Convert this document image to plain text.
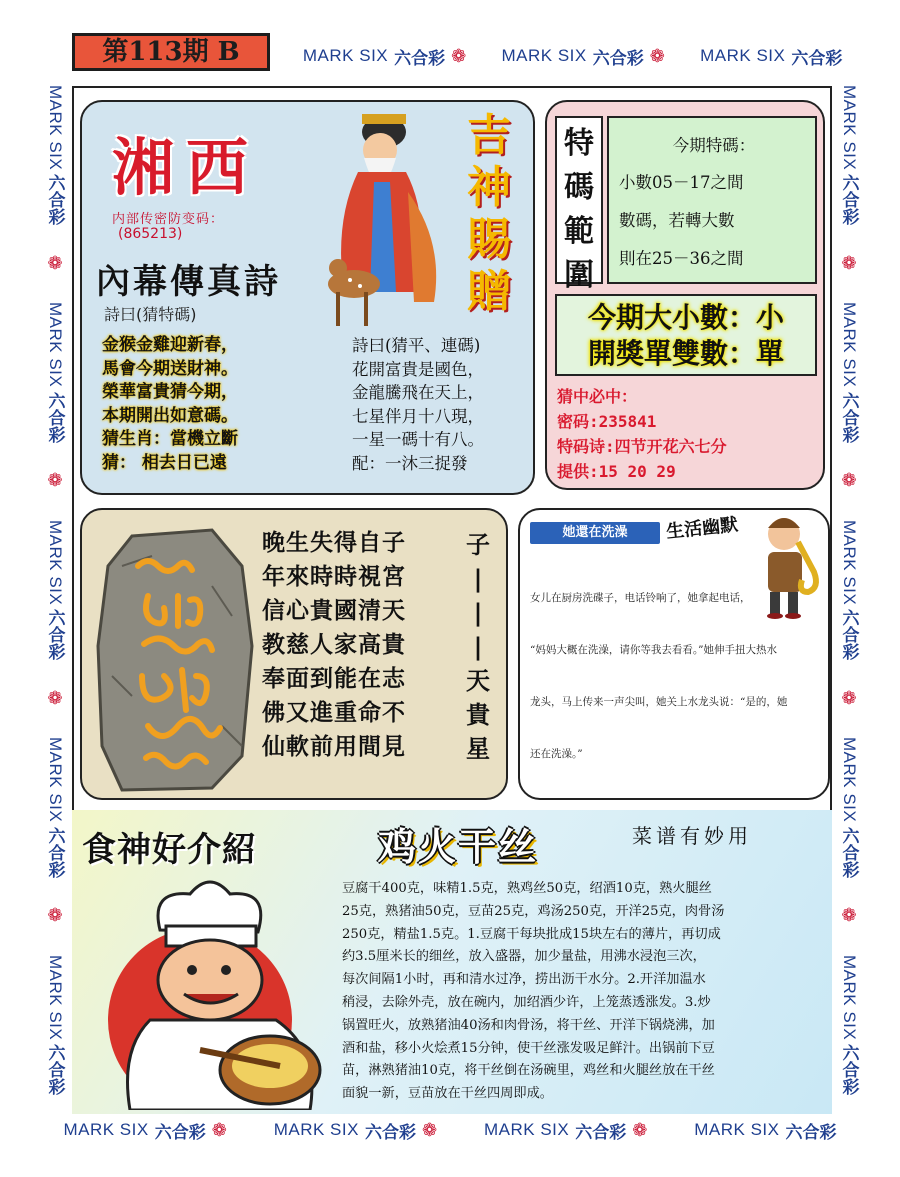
MARK SIX 六合彩 ❁ MARK SIX 六合彩 ❁ MARK SIX 六合彩
MARK SIX 六合彩 ❁	MARK SIX 六合彩 ❁	MARK SIX 六合彩 ❁	MARK SIX 六合彩
MARK SIX
六合彩
❁
MARK SIX
六合彩
❁
MARK SIX
六合彩
❁
MARK SIX
六合彩
❁
MARK SIX
六合彩
MARK SIX
六合彩
❁
MARK SIX
六合彩
❁
MARK SIX
六合彩
❁
MARK SIX
六合彩
❁
MARK SIX
六合彩
第113期 B
湘西
内部传密防变码：
(865213)
內幕傳真詩
詩曰(猜特碼)
金猴金雞迎新春，
馬會今期送財神。
榮華富貴猜今期，
本期開出如意碼。
猜生肖：當機立斷
猜： 相去日已遠
吉
神
賜
贈
詩曰(猜平、連碼)
花開富貴是國色，
金龍騰飛在天上，
七星伴月十八現，
一星一碼十有八。
配：一沐三捉發
特
碼
範
圍
今期特碼：
小數05－17之間
數碼，若轉大數
則在25－36之間
今期大小數：小
開獎單雙數：單
猜中必中：
密码:235841
特码诗:四节开花六七分
提供:15 20 29
晚生失得自子
年來時時視宮
信心貴國清天
教慈人家高貴
奉面到能在志
佛又進重命不
仙軟前用間見
子
|
|
|
天
貴
星
她還在洗澡	生活幽默
女儿在厨房洗碟子，电话铃响了，她拿起电话，
“妈妈大概在洗澡，请你等我去看看。”她伸手扭大热水
龙头，马上传来一声尖叫，她关上水龙头说：“是的，她
还在洗澡。”
食神好介紹	鸡火干丝	菜谱有妙用
豆腐干400克，味精1.5克，熟鸡丝50克，绍酒10克，熟火腿丝
25克，熟猪油50克，豆苗25克，鸡汤250克，开洋25克，肉骨汤
250克，精盐1.5克。1.豆腐干每块批成15块左右的薄片，再切成
约3.5厘米长的细丝，放入盛器，加少量盐，用沸水浸泡三次，
每次间隔1小时，再和清水过净，捞出沥干水分。2.开洋加温水
稍浸，去除外壳，放在碗内，加绍酒少许，上笼蒸透涨发。3.炒
锅置旺火，放熟猪油40汤和肉骨汤，将干丝、开洋下锅烧沸，加
酒和盐，移小火烩煮15分钟，使干丝涨发吸足鲜汁。出锅前下豆
苗，淋熟猪油10克，将干丝倒在汤碗里，鸡丝和火腿丝放在干丝
面貌一新，豆苗放在干丝四周即成。
